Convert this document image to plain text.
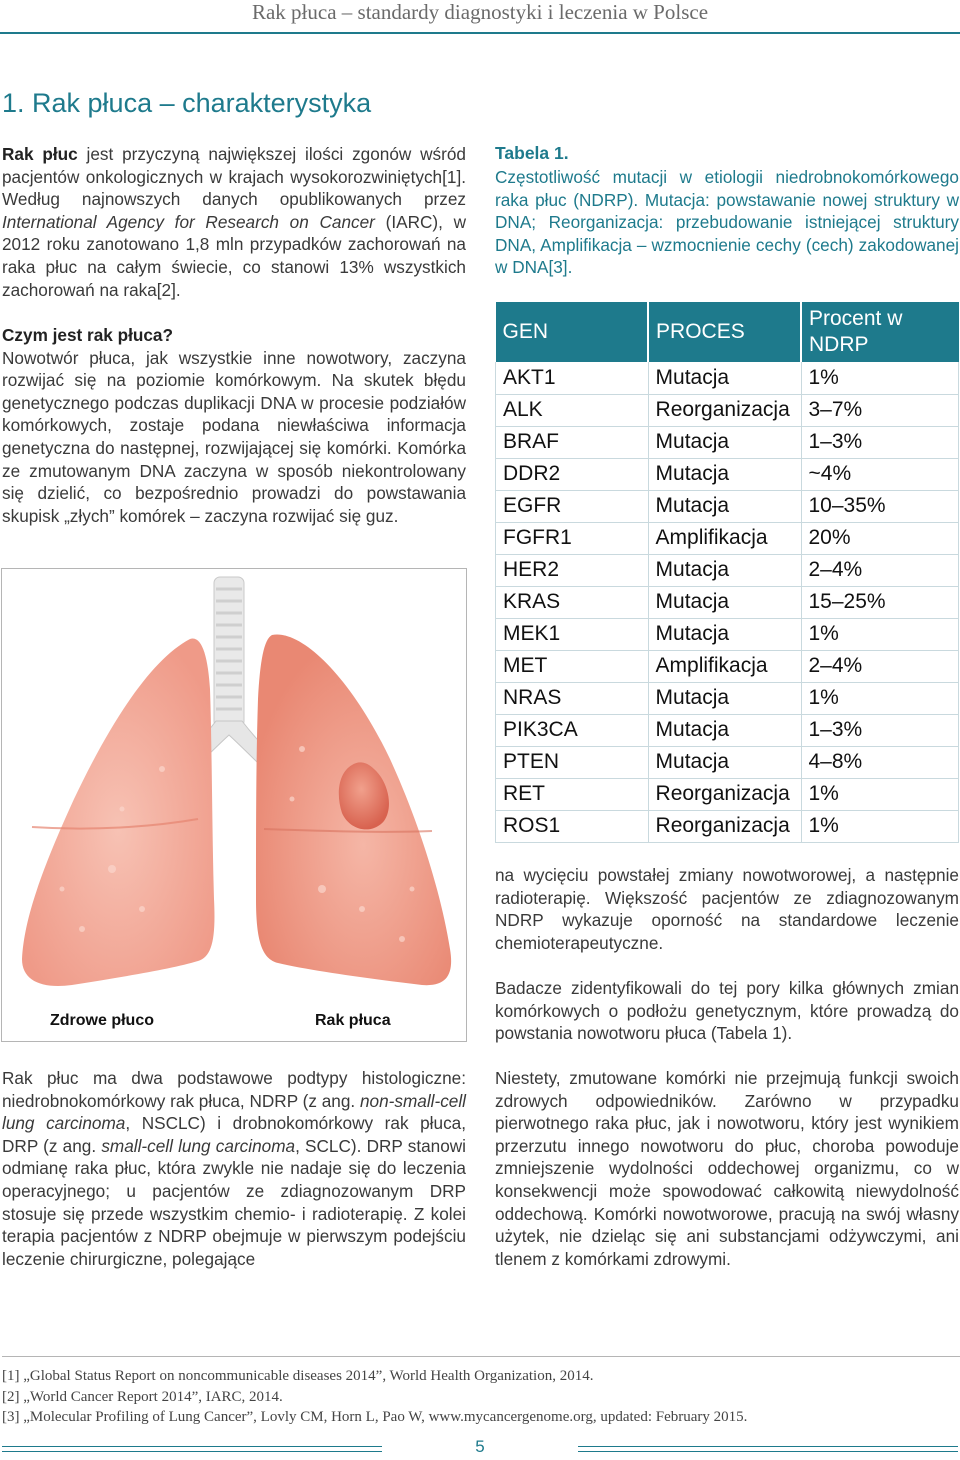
Rak płuca – standardy diagnostyki i leczenia w Polsce
1. Rak płuca – charakterystyka
Rak płuc jest przyczyną największej ilości zgonów wśród pacjentów onkologicznych w krajach wysokorozwiniętych[1]. Według najnowszych danych opublikowanych przez International Agency for Research on Cancer (IARC), w 2012 roku zanotowano 1,8 mln przypadków zachorowań na raka płuc na całym świecie, co stanowi 13% wszystkich zachorowań na raka[2].
Czym jest rak płuca?
Nowotwór płuca, jak wszystkie inne nowotwory, zaczyna rozwijać się na poziomie komórkowym. Na skutek błędu genetycznego podczas duplikacji DNA w procesie podziałów komórkowych, zostaje podana niewłaściwa informacja genetyczna do następnej, rozwijającej się komórki. Komórka ze zmutowanym DNA zaczyna w sposób niekontrolowany się dzielić, co bezpośrednio prowadzi do powstawania skupisk „złych” komórek – zaczyna rozwijać się guz.
Zdrowe płuco	Rak płuca
Rak płuc ma dwa podstawowe podtypy histologiczne: niedrobnokomórkowy rak płuca, NDRP (z ang. non-small-cell lung carcinoma, NSCLC) i drobnokomórkowy rak płuca, DRP (z ang. small-cell lung carcinoma, SCLC). DRP stanowi odmianę raka płuc, która zwykle nie nadaje się do leczenia operacyjnego; u pacjentów ze zdiagnozowanym DRP stosuje się przede wszystkim chemio- i radioterapię. Z kolei terapia pacjentów z NDRP obejmuje w pierwszym podejściu leczenie chirurgiczne, polegające
Tabela 1.
Częstotliwość mutacji w etiologii niedrobnokomórkowego raka płuc (NDRP). Mutacja: powstawanie nowej struktury w DNA; Reorganizacja: przebudowanie istniejącej struktury DNA, Amplifikacja – wzmocnienie cechy (cech) zakodowanej w DNA[3].
GEN	PROCES	Procent w NDRP
AKT1	Mutacja	1%
ALK	Reorganizacja	3–7%
BRAF	Mutacja	1–3%
DDR2	Mutacja	~4%
EGFR	Mutacja	10–35%
FGFR1	Amplifikacja	20%
HER2	Mutacja	2–4%
KRAS	Mutacja	15–25%
MEK1	Mutacja	1%
MET	Amplifikacja	2–4%
NRAS	Mutacja	1%
PIK3CA	Mutacja	1–3%
PTEN	Mutacja	4–8%
RET	Reorganizacja	1%
ROS1	Reorganizacja	1%
na wycięciu powstałej zmiany nowotworowej, a następnie radioterapię. Większość pacjentów ze zdiagnozowanym NDRP wykazuje oporność na standardowe leczenie chemioterapeutyczne.
Badacze zidentyfikowali do tej pory kilka głównych zmian komórkowych o podłożu genetycznym, które prowadzą do powstania nowotworu płuca (Tabela 1).
Niestety, zmutowane komórki nie przejmują funkcji swoich zdrowych odpowiedników. Zarówno w przypadku pierwotnego raka płuc, jak i nowotworu, który jest wynikiem przerzutu innego nowotworu do płuc, choroba powoduje zmniejszenie wydolności oddechowej organizmu, co w konsekwencji może spowodować całkowitą niewydolność oddechową. Komórki nowotworowe, pracują na swój własny użytek, nie dzieląc się ani substancjami odżywczymi, ani tlenem z komórkami zdrowymi.
[1] „Global Status Report on noncommunicable diseases 2014”, World Health Organization, 2014.
[2] „World Cancer Report 2014”, IARC, 2014.
[3] „Molecular Profiling of Lung Cancer”, Lovly CM, Horn L, Pao W, www.mycancergenome.org, updated: February 2015.
5
